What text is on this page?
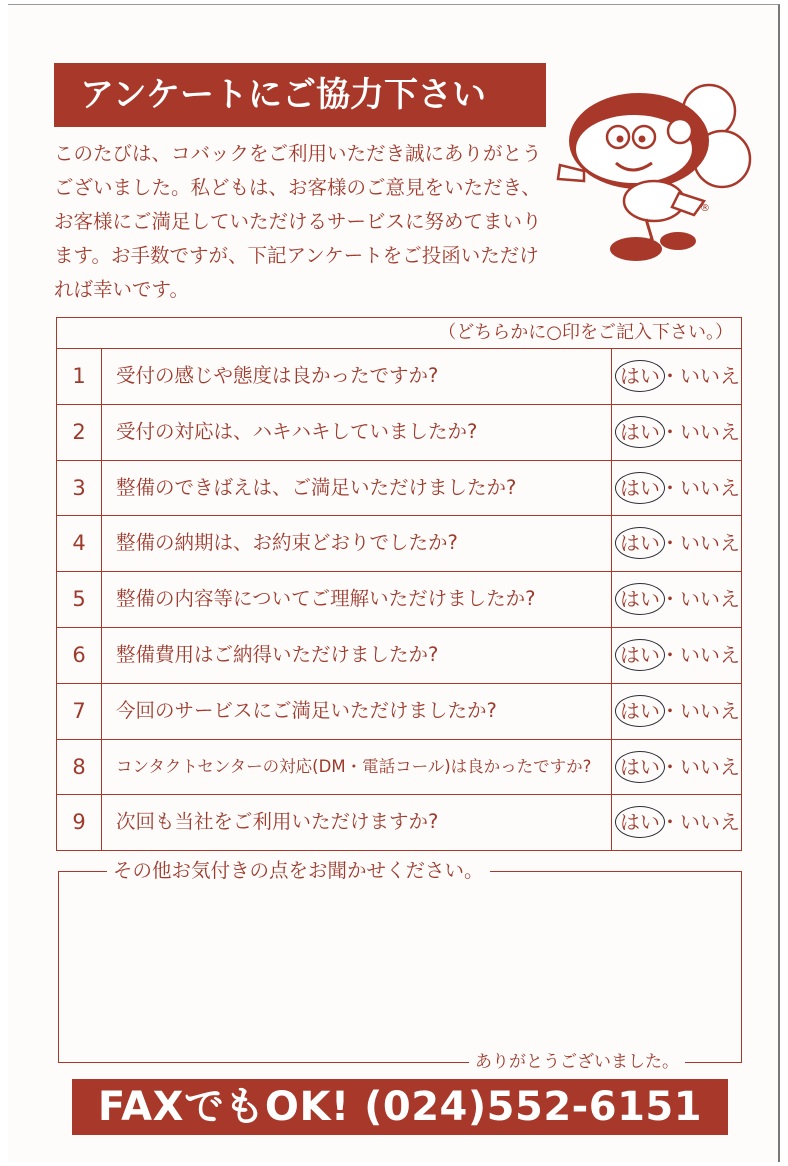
アンケートにご協力下さい
このたびは、コバックをご利用いただき誠にありがとうございました。私どもは、お客様のご意見をいただき、お客様にご満足していただけるサービスに努めてまいります。お手数ですが、下記アンケートをご投函いただければ幸いです。
®
（どちらかに○印をご記入下さい。）
1	受付の感じや態度は良かったですか?	はい・いいえ
2	受付の対応は、ハキハキしていましたか?	はい・いいえ
3	整備のできばえは、ご満足いただけましたか?	はい・いいえ
4	整備の納期は、お約束どおりでしたか?	はい・いいえ
5	整備の内容等についてご理解いただけましたか?	はい・いいえ
6	整備費用はご納得いただけましたか?	はい・いいえ
7	今回のサービスにご満足いただけましたか?	はい・いいえ
8	コンタクトセンターの対応(DM・電話コール)は良かったですか?	はい・いいえ
9	次回も当社をご利用いただけますか?	はい・いいえ
その他お気付きの点をお聞かせください。
ありがとうございました。
FAXでもOK! (024)552-6151
